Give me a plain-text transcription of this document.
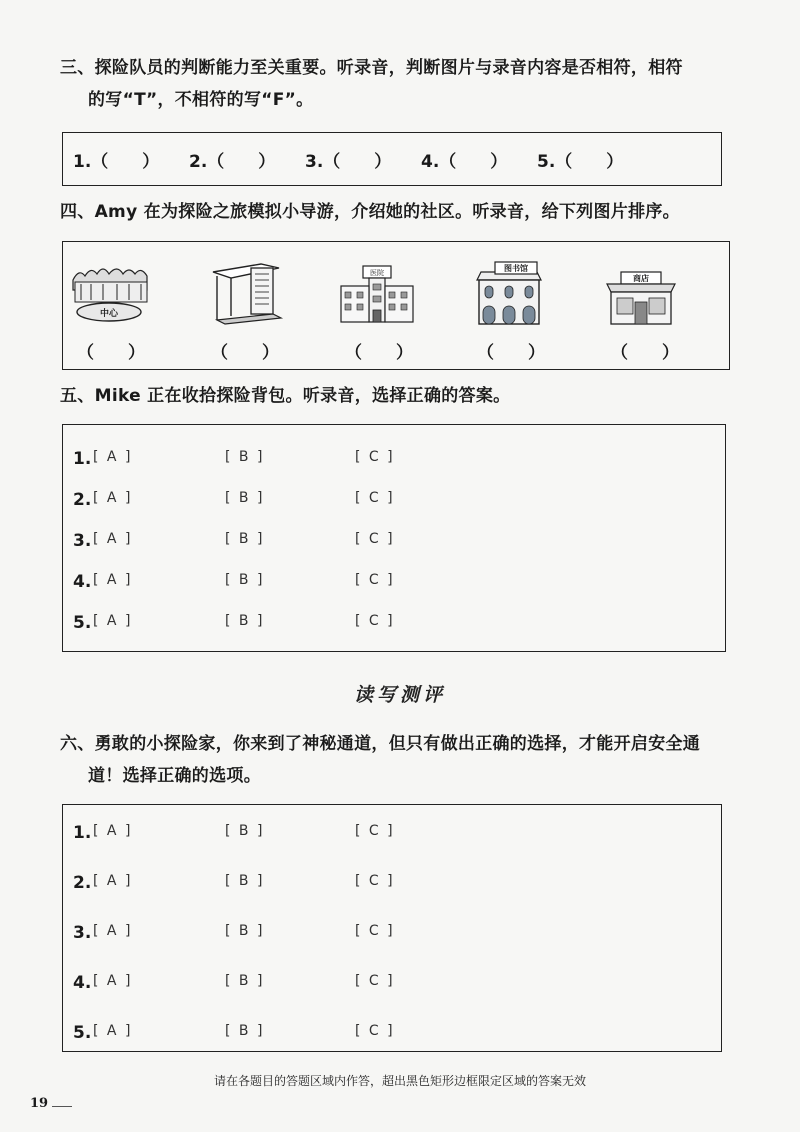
三、探险队员的判断能力至关重要。听录音，判断图片与录音内容是否相符，相符
的写“T”，不相符的写“F”。
1.（　　） 2.（　　） 3.（　　） 4.（　　） 5.（　　）
四、Amy 在为探险之旅模拟小导游，介绍她的社区。听录音，给下列图片排序。
中心
医院	图书馆
商店
（　　）	（　　）	（　　）	（　　）	（　　）
五、Mike 正在收拾探险背包。听录音，选择正确的答案。
1. [ A ]	[ B ]	[ C ]
2. [ A ]	[ B ]	[ C ]
3. [ A ]	[ B ]	[ C ]
4. [ A ]	[ B ]	[ C ]
5. [ A ]	[ B ]	[ C ]
读写测评
六、勇敢的小探险家，你来到了神秘通道，但只有做出正确的选择，才能开启安全通
道！选择正确的选项。
1. [ A ]	[ B ]	[ C ]
2. [ A ]	[ B ]	[ C ]
3. [ A ]	[ B ]	[ C ]
4. [ A ]	[ B ]	[ C ]
5. [ A ]	[ B ]	[ C ]
请在各题目的答题区域内作答，超出黑色矩形边框限定区域的答案无效
19
